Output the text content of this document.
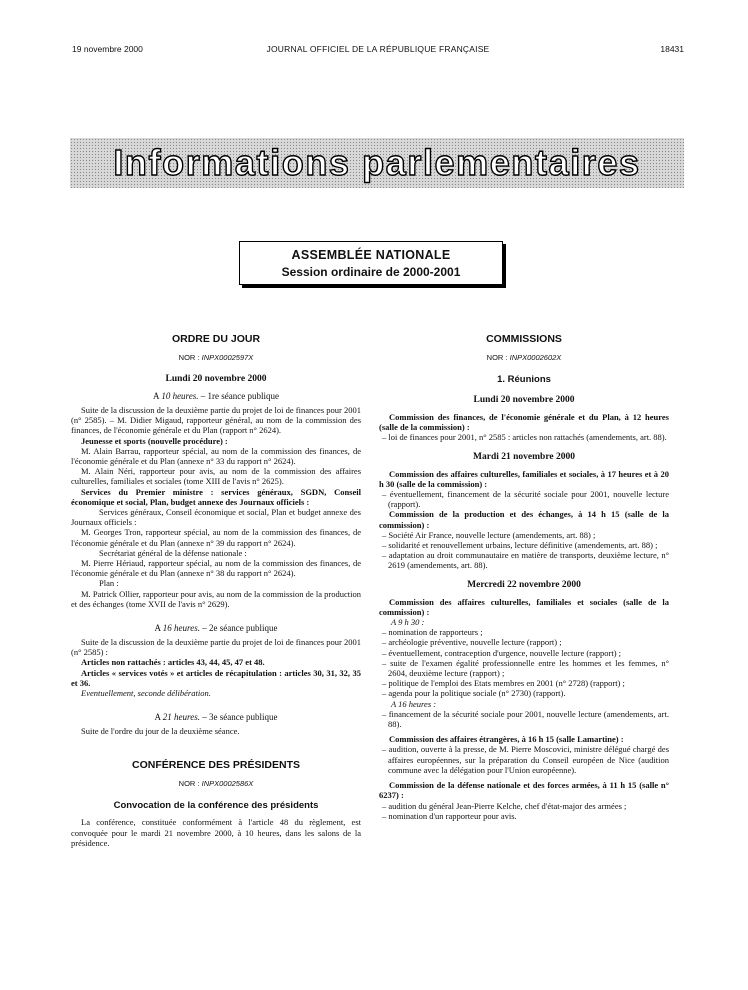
19 novembre 2000	JOURNAL OFFICIEL DE LA RÉPUBLIQUE FRANÇAISE	18431
Informations parlementaires
ASSEMBLÉE NATIONALE
Session ordinaire de 2000-2001
ORDRE DU JOUR
NOR : INPX0002597X
Lundi 20 novembre 2000
A 10 heures. – 1re séance publique

Suite de la discussion de la deuxième partie du projet de loi de finances pour 2001 (n° 2585). – M. Didier Migaud, rapporteur général, au nom de la commission des finances, de l'économie générale et du Plan (rapport n° 2624).

Jeunesse et sports (nouvelle procédure) :

M. Alain Barrau, rapporteur spécial, au nom de la commission des finances, de l'économie générale et du Plan (annexe n° 33 du rapport n° 2624).

M. Alain Néri, rapporteur pour avis, au nom de la commission des affaires culturelles, familiales et sociales (tome XIII de l'avis n° 2625).

Services du Premier ministre : services généraux, SGDN, Conseil économique et social, Plan, budget annexe des Journaux officiels :

Services généraux, Conseil économique et social, Plan et budget annexe des Journaux officiels :

M. Georges Tron, rapporteur spécial, au nom de la commission des finances, de l'économie générale et du Plan (annexe n° 39 du rapport n° 2624).

Secrétariat général de la défense nationale :

M. Pierre Hériaud, rapporteur spécial, au nom de la commission des finances, de l'économie générale et du Plan (annexe n° 38 du rapport n° 2624).

Plan :

M. Patrick Ollier, rapporteur pour avis, au nom de la commission de la production et des échanges (tome XVII de l'avis n° 2629).

A 16 heures. – 2e séance publique

Suite de la discussion de la deuxième partie du projet de loi de finances pour 2001 (n° 2585) :

Articles non rattachés : articles 43, 44, 45, 47 et 48.

Articles « services votés » et articles de récapitulation : articles 30, 31, 32, 35 et 36.

Eventuellement, seconde délibération.

A 21 heures. – 3e séance publique

Suite de l'ordre du jour de la deuxième séance.

CONFÉRENCE DES PRÉSIDENTS
NOR : INPX0002586X
Convocation de la conférence des présidents

La conférence, constituée conformément à l'article 48 du règlement, est convoquée pour le mardi 21 novembre 2000, à 10 heures, dans les salons de la présidence.

COMMISSIONS
NOR : INPX0002602X
1. Réunions
Lundi 20 novembre 2000

Commission des finances, de l'économie générale et du Plan, à 12 heures (salle de la commission) :

– loi de finances pour 2001, n° 2585 : articles non rattachés (amendements, art. 88).
Mardi 21 novembre 2000

Commission des affaires culturelles, familiales et sociales, à 17 heures et à 20 h 30 (salle de la commission) :

– éventuellement, financement de la sécurité sociale pour 2001, nouvelle lecture (rapport).

Commission de la production et des échanges, à 14 h 15 (salle de la commission) :

– Société Air France, nouvelle lecture (amendements, art. 88) ;
– solidarité et renouvellement urbains, lecture définitive (amendements, art. 88) ;
– adaptation au droit communautaire en matière de transports, deuxième lecture, n° 2619 (amendements, art. 88).
Mercredi 22 novembre 2000

Commission des affaires culturelles, familiales et sociales (salle de la commission) :

A 9 h 30 :

– nomination de rapporteurs ;
– archéologie préventive, nouvelle lecture (rapport) ;
– éventuellement, contraception d'urgence, nouvelle lecture (rapport) ;
– suite de l'examen égalité professionnelle entre les hommes et les femmes, n° 2604, deuxième lecture (rapport) ;
– politique de l'emploi des Etats membres en 2001 (n° 2728) (rapport) ;
– agenda pour la politique sociale (n° 2730) (rapport).

A 16 heures :

– financement de la sécurité sociale pour 2001, nouvelle lecture (amendements, art. 88).

Commission des affaires étrangères, à 16 h 15 (salle Lamartine) :

– audition, ouverte à la presse, de M. Pierre Moscovici, ministre délégué chargé des affaires européennes, sur la préparation du Conseil européen de Nice (audition commune avec la délégation pour l'Union européenne).

Commission de la défense nationale et des forces armées, à 11 h 15 (salle n° 6237) :

– audition du général Jean-Pierre Kelche, chef d'état-major des armées ;
– nomination d'un rapporteur pour avis.
